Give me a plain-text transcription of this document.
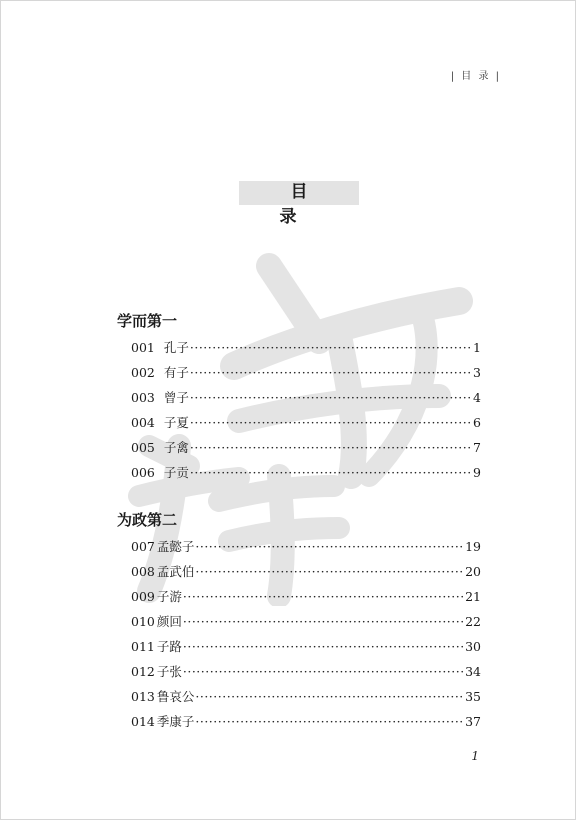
| 目 录 |
目 录
学而第一
001 孔子 ·····	1
002 有子 ·····	3
003 曾子 ·····	4
004 子夏 ·····	6
005 子禽 ·····	7
006 子贡 ·····	9
为政第二
007 孟懿子 ·····	19
008 孟武伯 ·····	20
009 子游 ·····	21
010 颜回 ·····	22
011 子路 ·····	30
012 子张 ·····	34
013 鲁哀公 ·····	35
014 季康子 ·····	37
1
